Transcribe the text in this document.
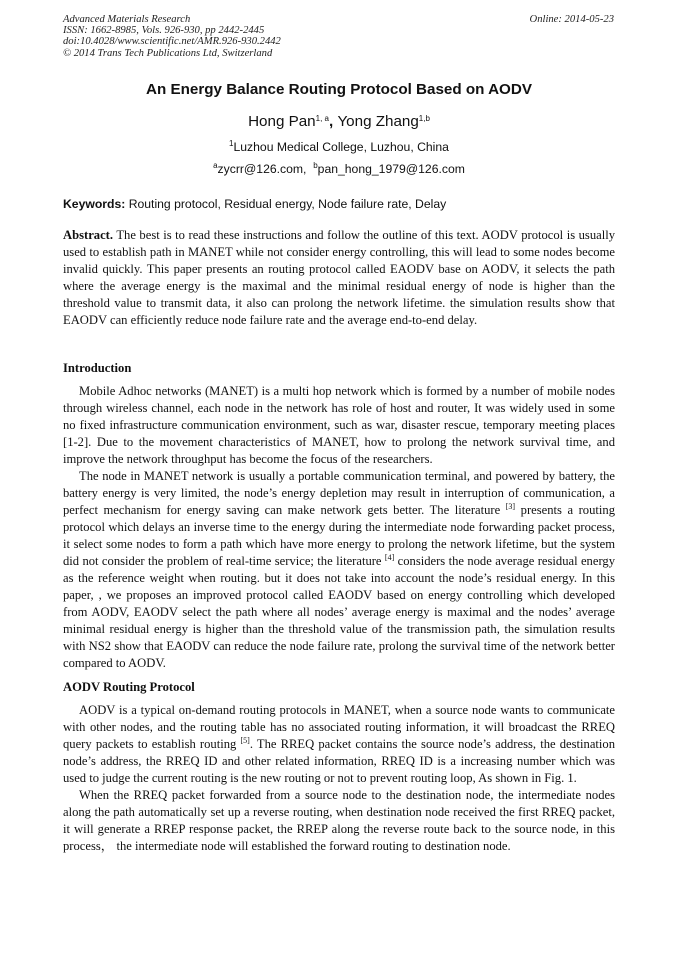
Advanced Materials Research
ISSN: 1662-8985, Vols. 926-930, pp 2442-2445
doi:10.4028/www.scientific.net/AMR.926-930.2442
© 2014 Trans Tech Publications Ltd, Switzerland
Online: 2014-05-23
An Energy Balance Routing Protocol Based on AODV
Hong Pan$^{1, a}$, Yong Zhang$^{1,b}$
$^1$Luzhou Medical College, Luzhou, China
$^a$zycrr@126.com, $^b$pan_hong_1979@126.com
Keywords: Routing protocol, Residual energy, Node failure rate, Delay

Abstract. The best is to read these instructions and follow the outline of this text. AODV protocol is usually used to establish path in MANET while not consider energy controlling, this will lead to some nodes become invalid quickly. This paper presents an routing protocol called EAODV base on AODV, it selects the path where the average energy is the maximal and the minimal residual energy of node is higher than the threshold value to transmit data, it also can prolong the network lifetime. the simulation results show that EAODV can efficiently reduce node failure rate and the average end-to-end delay.

Introduction

Mobile Adhoc networks (MANET) is a multi hop network which is formed by a number of mobile nodes through wireless channel, each node in the network has role of host and router, It was widely used in some no fixed infrastructure communication environment, such as war, disaster rescue, temporary meeting places [1-2]. Due to the movement characteristics of MANET, how to prolong the network survival time, and improve the network throughput has become the focus of the researchers.

The node in MANET network is usually a portable communication terminal, and powered by battery, the battery energy is very limited, the node’s energy depletion may result in interruption of communication, a perfect mechanism for energy saving can make network gets better. The literature [3] presents a routing protocol which delays an inverse time to the energy during the intermediate node forwarding packet process, it select some nodes to form a path which have more energy to prolong the network lifetime, but the system did not consider the problem of real-time service; the literature [4] considers the node average residual energy as the reference weight when routing. but it does not take into account the node’s residual energy. In this paper, , we proposes an improved protocol called EAODV based on energy controlling which developed from AODV, EAODV select the path where all nodes’ average energy is maximal and the nodes’ average minimal residual energy is higher than the threshold value of the transmission path, the simulation results with NS2 show that EAODV can reduce the node failure rate, prolong the survival time of the network better compared to AODV.

AODV Routing Protocol

AODV is a typical on-demand routing protocols in MANET, when a source node wants to communicate with other nodes, and the routing table has no associated routing information, it will broadcast the RREQ query packets to establish routing [5]. The RREQ packet contains the source node’s address, the destination node’s address, the RREQ ID and other related information, RREQ ID is a increasing number which was used to judge the current routing is the new routing or not to prevent routing loop, As shown in Fig. 1.

When the RREQ packet forwarded from a source node to the destination node, the intermediate nodes along the path automatically set up a reverse routing, when destination node received the first RREQ packet, it will generate a RREP response packet, the RREP along the reverse route back to the source node, in this process， the intermediate node will established the forward routing to destination node.
